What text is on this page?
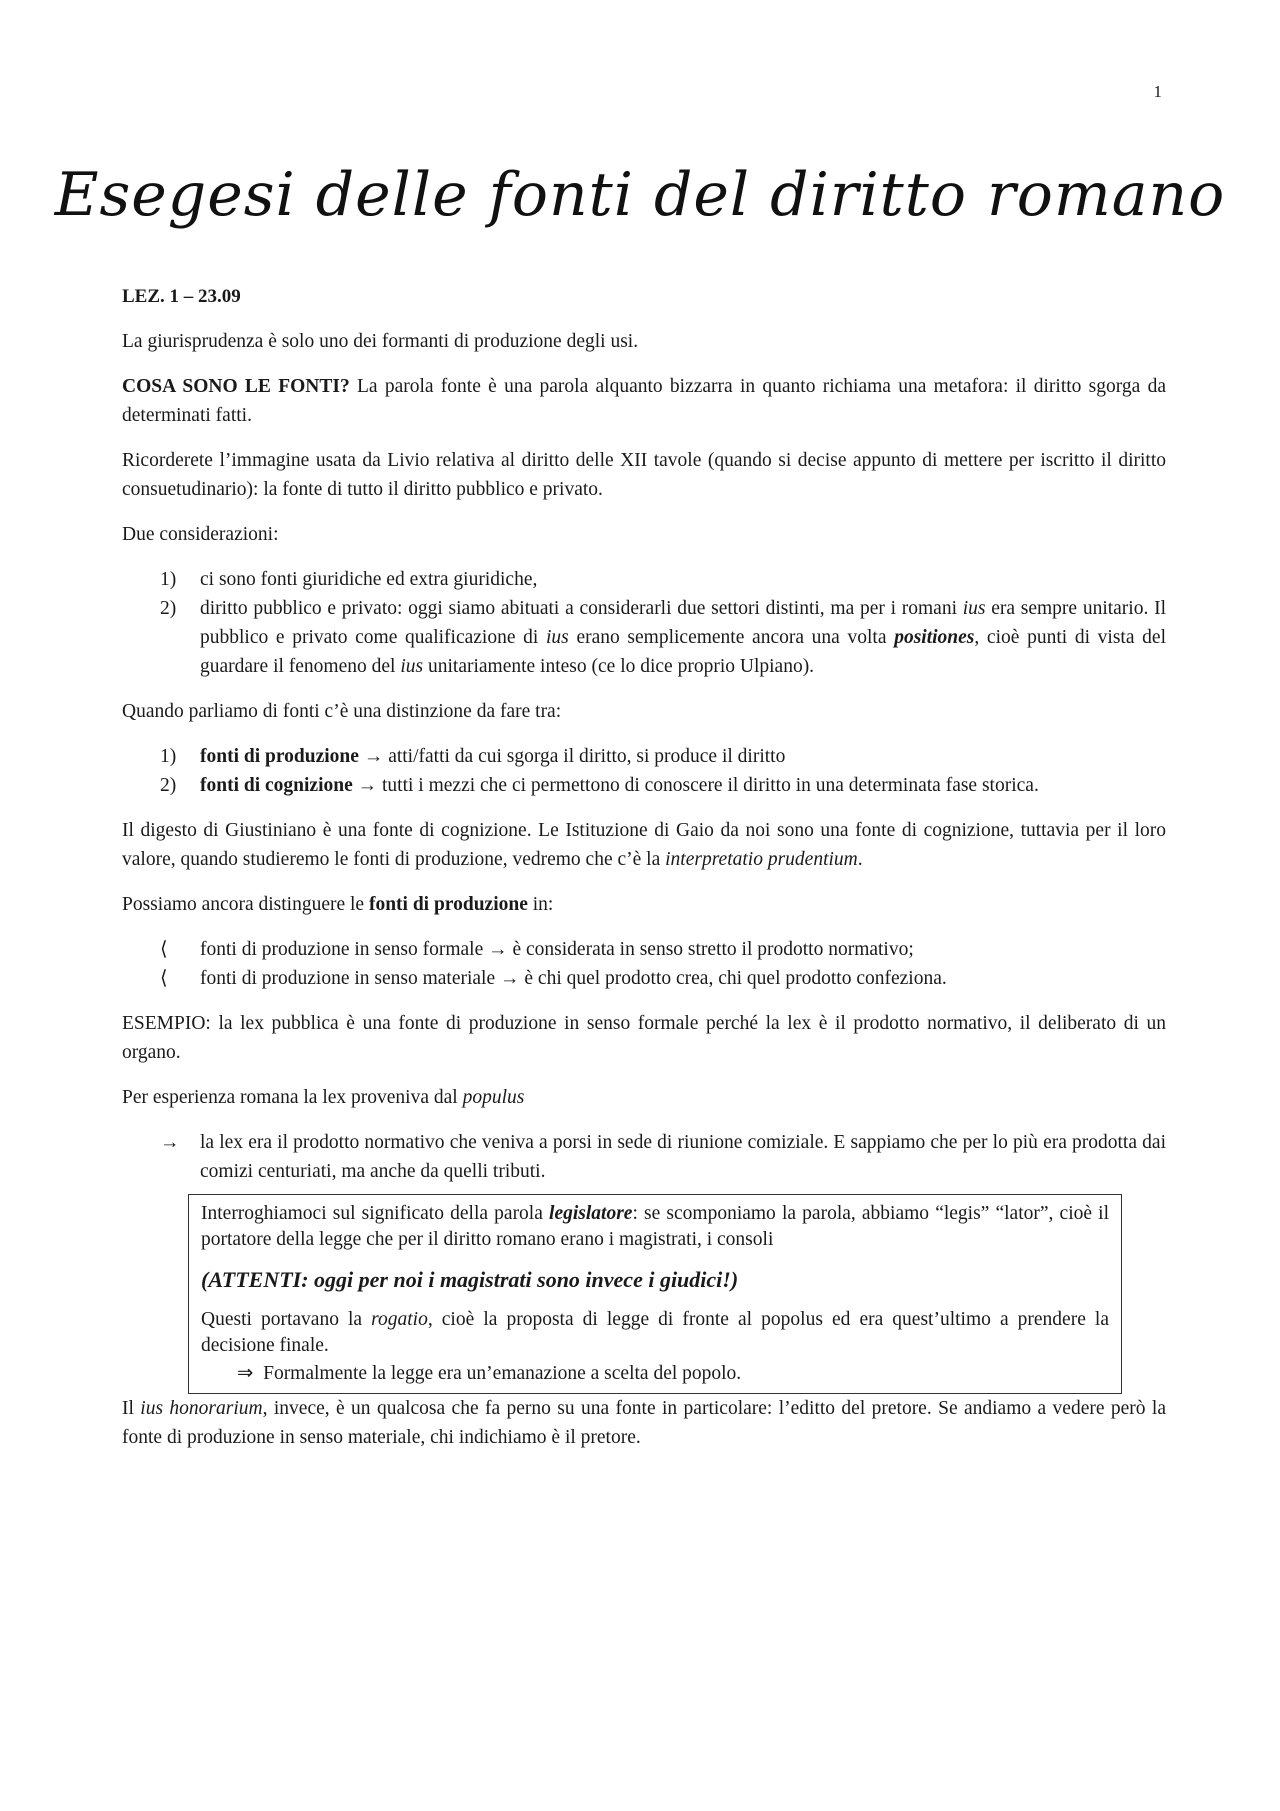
1
Esegesi delle fonti del diritto romano

LEZ. 1 – 23.09

La giurisprudenza è solo uno dei formanti di produzione degli usi.

COSA SONO LE FONTI? La parola fonte è una parola alquanto bizzarra in quanto richiama una metafora: il diritto sgorga da determinati fatti.

Ricorderete l’immagine usata da Livio relativa al diritto delle XII tavole (quando si decise appunto di mettere per iscritto il diritto consuetudinario): la fonte di tutto il diritto pubblico e privato.

Due considerazioni:

1)	ci sono fonti giuridiche ed extra giuridiche,
2)	diritto pubblico e privato: oggi siamo abituati a considerarli due settori distinti, ma per i romani ius era sempre unitario. Il pubblico e privato come qualificazione di ius erano semplicemente ancora una volta positiones, cioè punti di vista del guardare il fenomeno del ius unitariamente inteso (ce lo dice proprio Ulpiano).

Quando parliamo di fonti c’è una distinzione da fare tra:

1)	fonti di produzione → atti/fatti da cui sgorga il diritto, si produce il diritto
2)	fonti di cognizione → tutti i mezzi che ci permettono di conoscere il diritto in una determinata fase storica.

Il digesto di Giustiniano è una fonte di cognizione. Le Istituzione di Gaio da noi sono una fonte di cognizione, tuttavia per il loro valore, quando studieremo le fonti di produzione, vedremo che c’è la interpretatio prudentium.

Possiamo ancora distinguere le fonti di produzione in:

⟨	fonti di produzione in senso formale → è considerata in senso stretto il prodotto normativo;
⟨	fonti di produzione in senso materiale → è chi quel prodotto crea, chi quel prodotto confeziona.

ESEMPIO: la lex pubblica è una fonte di produzione in senso formale perché la lex è il prodotto normativo, il deliberato di un organo.

Per esperienza romana la lex proveniva dal populus

→	la lex era il prodotto normativo che veniva a porsi in sede di riunione comiziale. E sappiamo che per lo più era prodotta dai comizi centuriati, ma anche da quelli tributi.

Interroghiamoci sul significato della parola legislatore: se scomponiamo la parola, abbiamo “legis” “lator”, cioè il portatore della legge che per il diritto romano erano i magistrati, i consoli

(ATTENTI: oggi per noi i magistrati sono invece i giudici!)

Questi portavano la rogatio, cioè la proposta di legge di fronte al popolus ed era quest’ultimo a prendere la decisione finale.

⇒ Formalmente la legge era un’emanazione a scelta del popolo.

Il ius honorarium, invece, è un qualcosa che fa perno su una fonte in particolare: l’editto del pretore. Se andiamo a vedere però la fonte di produzione in senso materiale, chi indichiamo è il pretore.
